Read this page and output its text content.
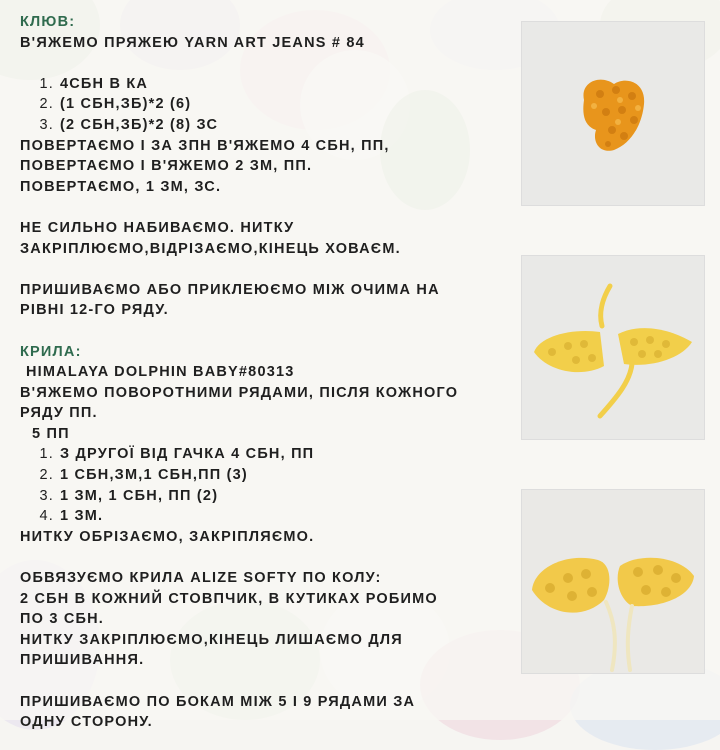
КЛЮВ:
В'ЯЖЕМО ПРЯЖЕЮ YARN ART JEANS # 84
1. 4СБН В КА
2. (1 СБН,ЗБ)*2 (6)
3. (2 СБН,ЗБ)*2 (8) ЗС
ПОВЕРТАЄМО І ЗА ЗПН В'ЯЖЕМО 4 СБН, ПП,
ПОВЕРТАЄМО І В'ЯЖЕМО 2 ЗМ, ПП.
ПОВЕРТАЄМО, 1 ЗМ, ЗС.
НЕ СИЛЬНО НАБИВАЄМО. НИТКУ
ЗАКРІПЛЮЄМО,ВІДРІЗАЄМО,КІНЕЦЬ ХОВАЄМ.
ПРИШИВАЄМО АБО ПРИКЛЕЮЄМО МІЖ ОЧИМА НА
РІВНІ 12-ГО РЯДУ.
КРИЛА:
HIMALAYA DOLPHIN BABY#80313
В'ЯЖЕМО ПОВОРОТНИМИ РЯДАМИ, ПІСЛЯ КОЖНОГО
РЯДУ ПП.
5 ПП
1. З ДРУГОЇ ВІД ГАЧКА 4 СБН, ПП
2. 1 СБН,ЗМ,1 СБН,ПП (3)
3. 1 ЗМ, 1 СБН, ПП (2)
4. 1 ЗМ.
НИТКУ ОБРІЗАЄМО, ЗАКРІПЛЯЄМО.
ОБВЯЗУЄМО КРИЛА ALIZE SOFTY ПО КОЛУ:
2 СБН В КОЖНИЙ СТОВПЧИК, В КУТИКАХ РОБИМО
ПО 3 СБН.
НИТКУ ЗАКРІПЛЮЄМО,КІНЕЦЬ ЛИШАЄМО ДЛЯ
ПРИШИВАННЯ.
ПРИШИВАЄМО ПО БОКАМ МІЖ 5 І 9 РЯДАМИ ЗА
ОДНУ СТОРОНУ.
